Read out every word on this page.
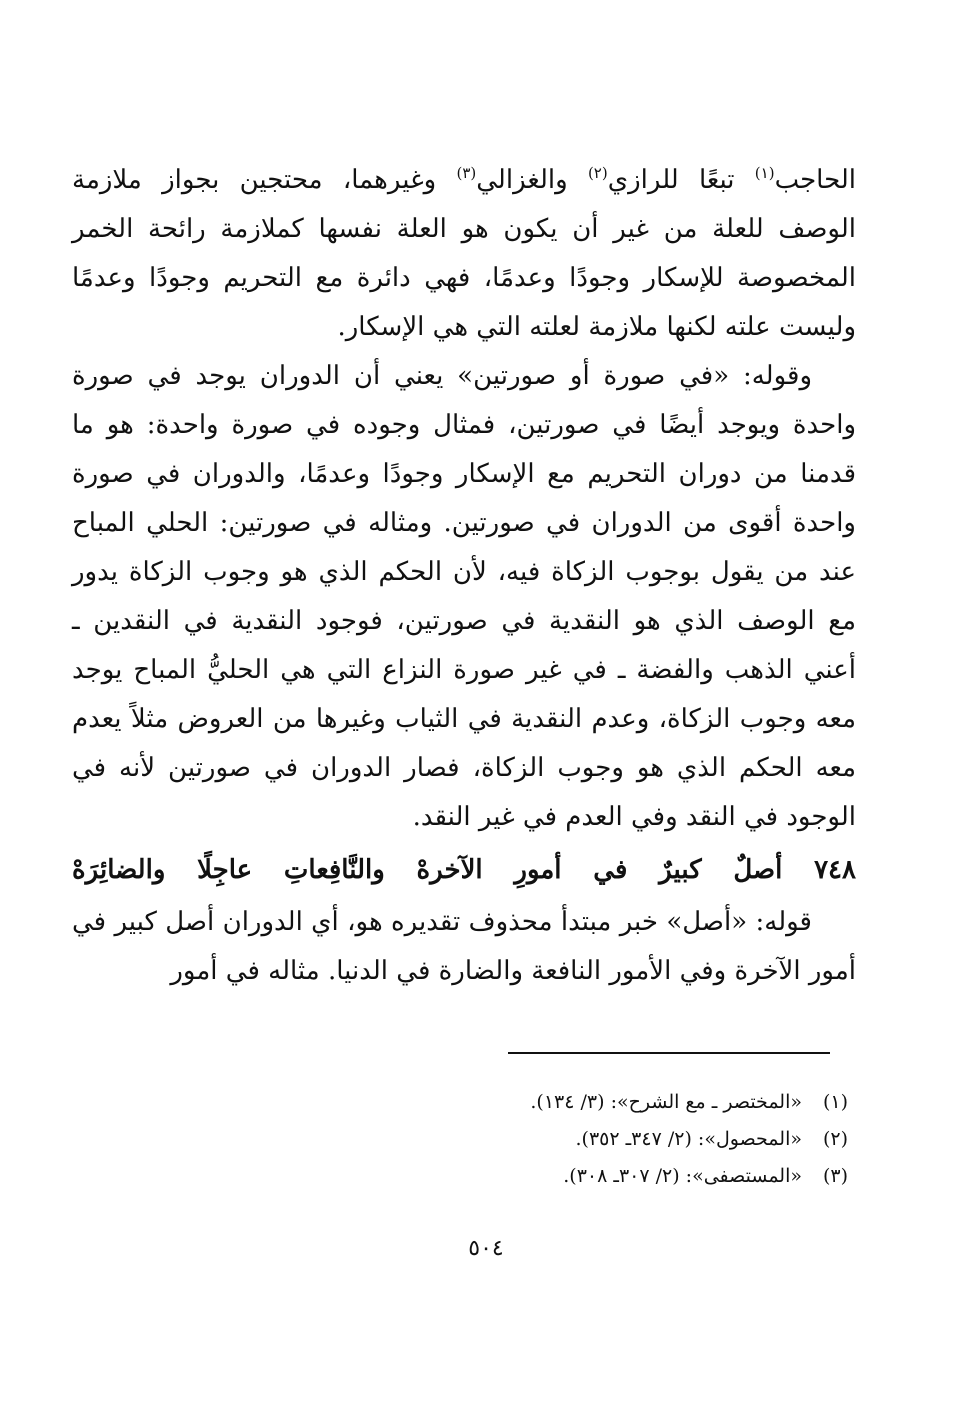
الحاجب$^{(١)}$ تبعًا للرازي$^{(٢)}$ والغزالي$^{(٣)}$ وغيرهما، محتجين بجواز ملازمة الوصف للعلة من غير أن يكون هو العلة نفسها كملازمة رائحة الخمر المخصوصة للإسكار وجودًا وعدمًا، فهي دائرة مع التحريم وجودًا وعدمًا وليست علته لكنها ملازمة لعلته التي هي الإسكار.

وقوله: «في صورة أو صورتين» يعني أن الدوران يوجد في صورة واحدة ويوجد أيضًا في صورتين، فمثال وجوده في صورة واحدة: هو ما قدمنا من دوران التحريم مع الإسكار وجودًا وعدمًا، والدوران في صورة واحدة أقوى من الدوران في صورتين. ومثاله في صورتين: الحلي المباح عند من يقول بوجوب الزكاة فيه، لأن الحكم الذي هو وجوب الزكاة يدور مع الوصف الذي هو النقدية في صورتين، فوجود النقدية في النقدين ـ أعني الذهب والفضة ـ في غير صورة النزاع التي هي الحليُّ المباح يوجد معه وجوب الزكاة، وعدم النقدية في الثياب وغيرها من العروض مثلاً يعدم معه الحكم الذي هو وجوب الزكاة، فصار الدوران في صورتين لأنه في الوجود في النقد وفي العدم في غير النقد.

٧٤٨ أصلٌ كبيرٌ في أمورِ الآخرهْ والنَّافِعاتِ عاجِلًا والضائِرَهْ

قوله: «أصل» خبر مبتدأ محذوف تقديره هو، أي الدوران أصل كبير في أمور الآخرة وفي الأمور النافعة والضارة في الدنيا. مثاله في أمور

(١)«المختصر ـ مع الشرح»: (٣/ ١٣٤).
(٢)«المحصول»: (٢/ ٣٤٧ـ ٣٥٢).
(٣)«المستصفى»: (٢/ ٣٠٧ـ ٣٠٨).
٥٠٤
